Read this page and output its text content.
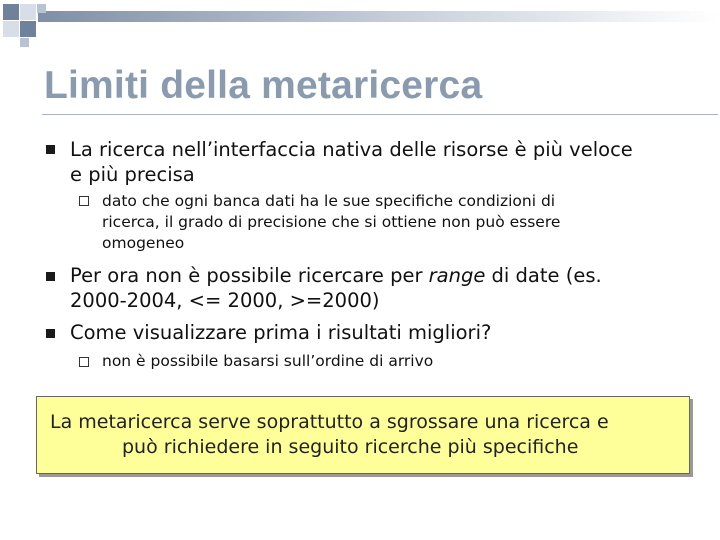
Limiti della metaricerca
La ricerca nell’interfaccia nativa delle risorse è più veloce
e più precisa
dato che ogni banca dati ha le sue specifiche condizioni di
ricerca, il grado di precisione che si ottiene non può essere
omogeneo
Per ora non è possibile ricercare per range di date (es.
2000-2004, <= 2000, >=2000)
Come visualizzare prima i risultati migliori?
non è possibile basarsi sull’ordine di arrivo
La metaricerca serve soprattutto a sgrossare una ricerca e
può richiedere in seguito ricerche più specifiche
